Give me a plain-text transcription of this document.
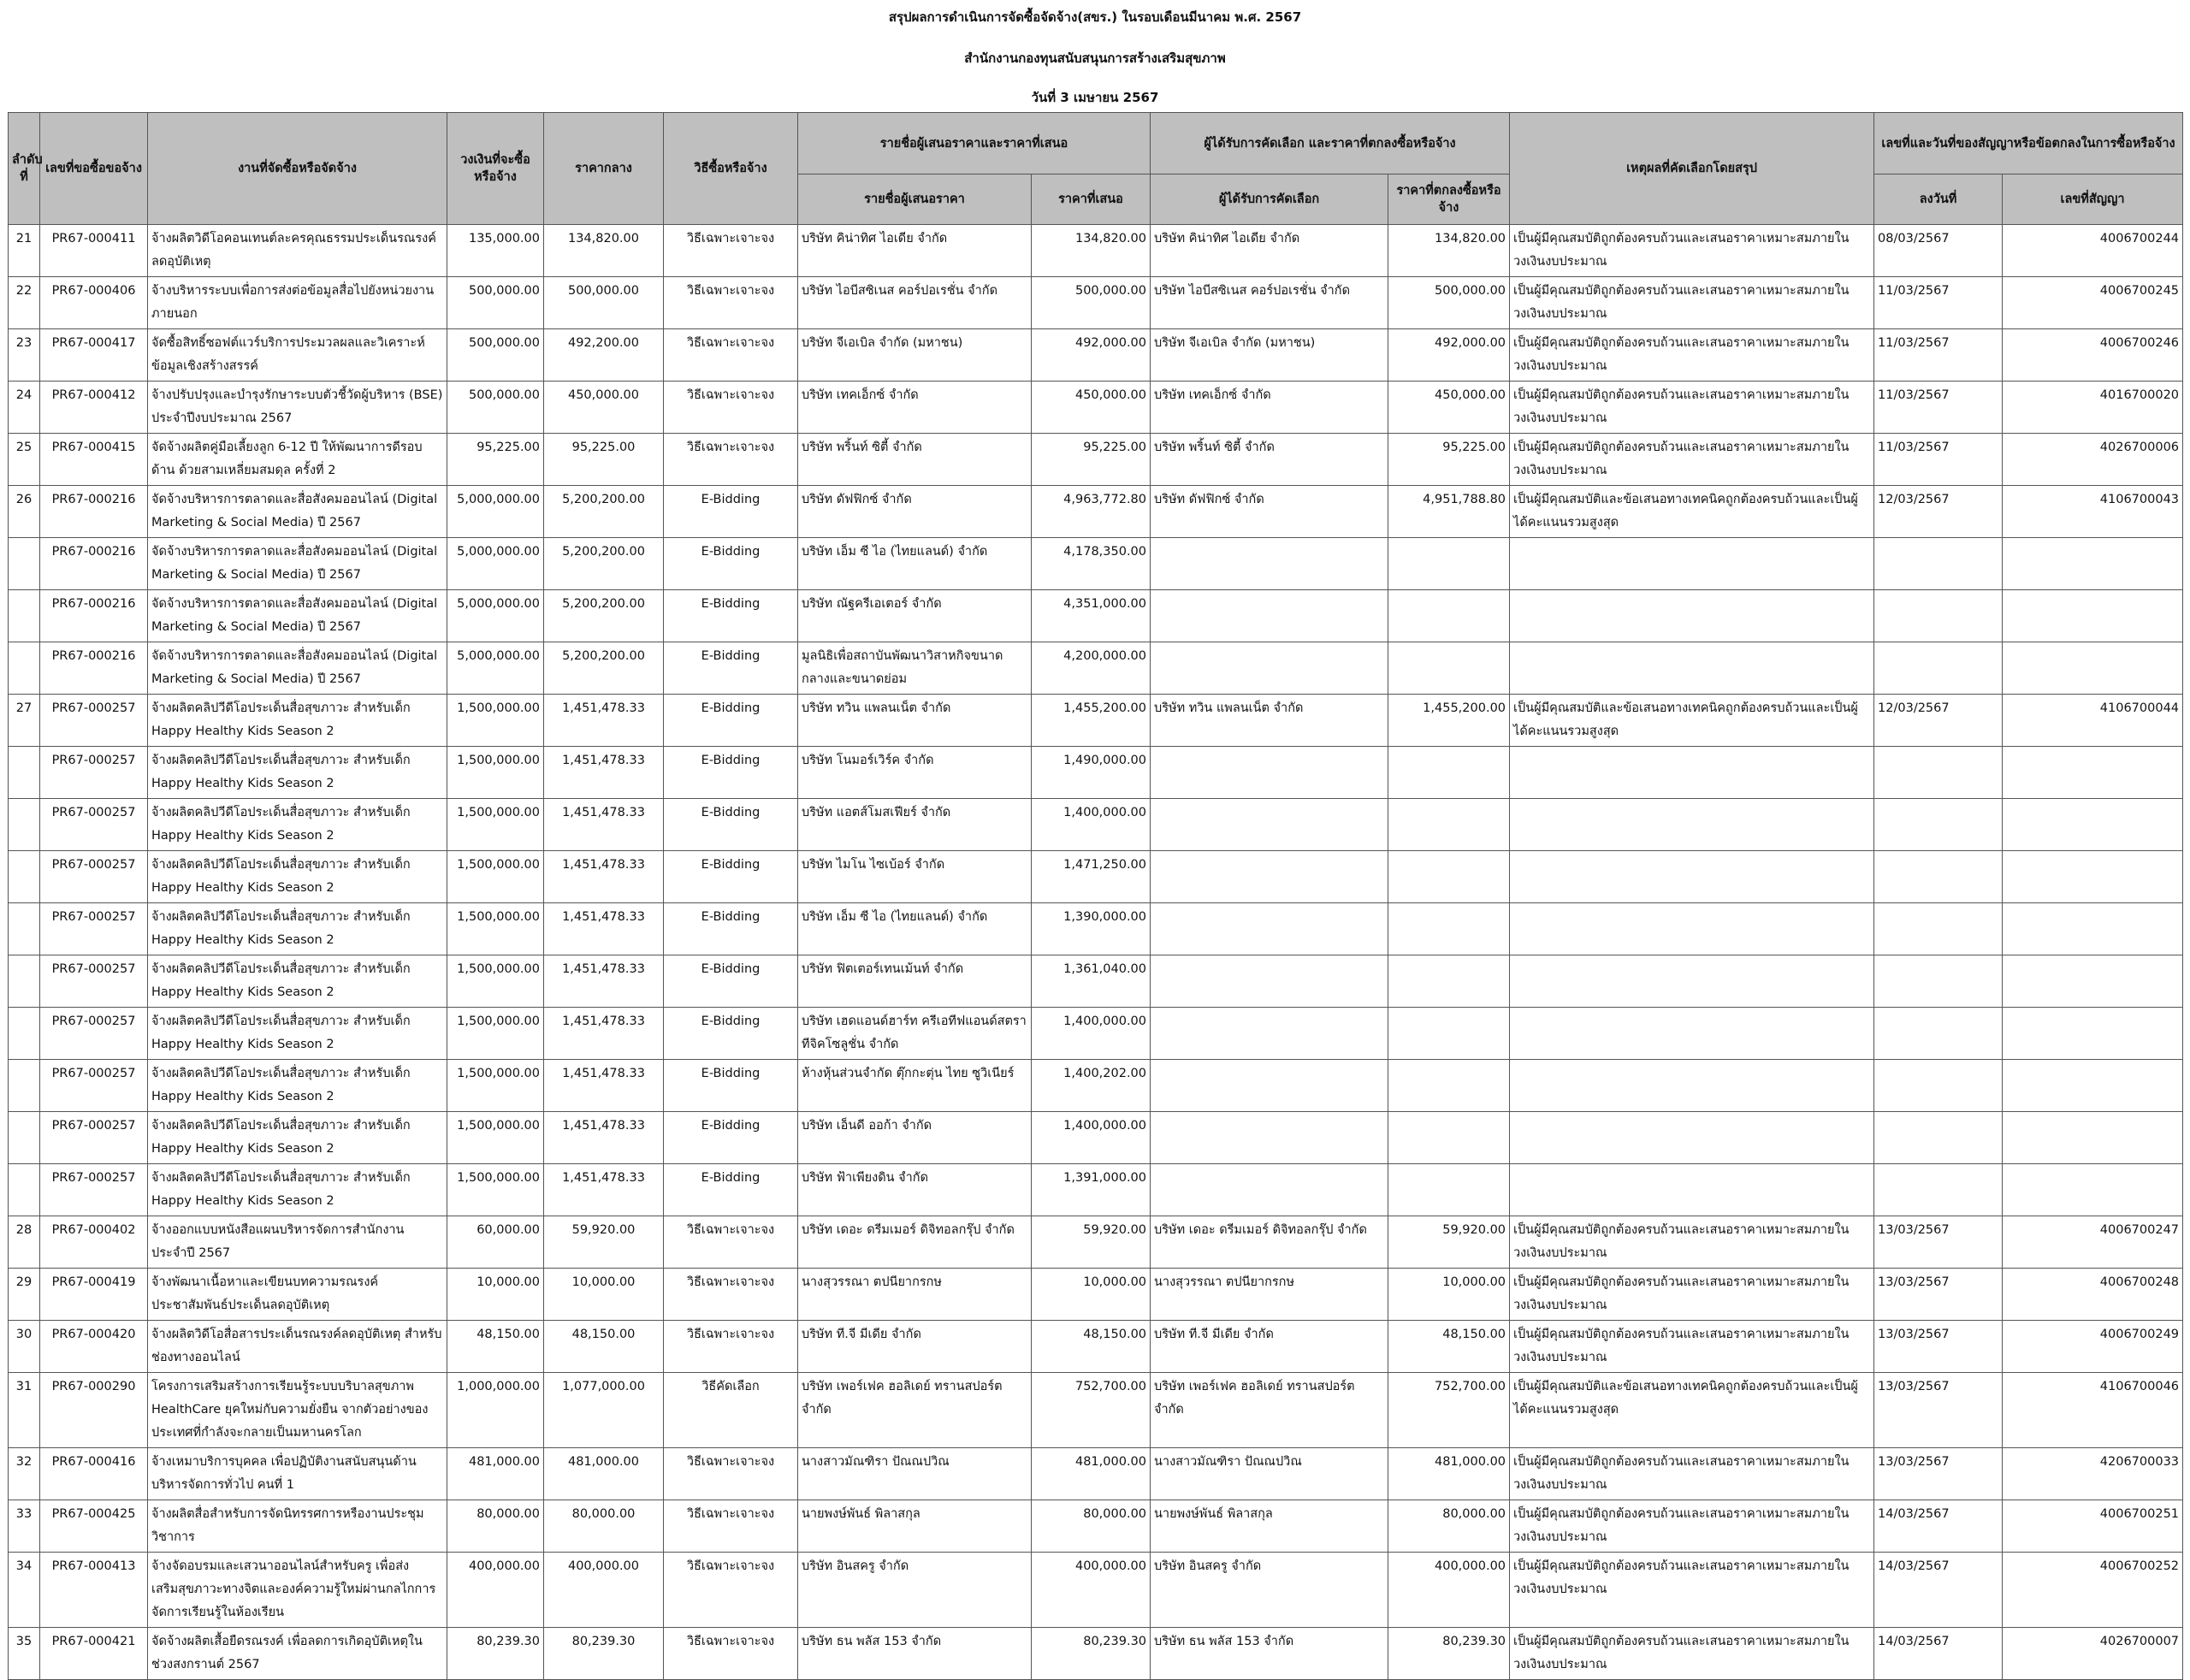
สรุปผลการดำเนินการจัดซื้อจัดจ้าง(สขร.) ในรอบเดือนมีนาคม พ.ศ. 2567
สำนักงานกองทุนสนับสนุนการสร้างเสริมสุขภาพ
วันที่ 3 เมษายน 2567
ลำดับที่	เลขที่ขอซื้อขอจ้าง	งานที่จัดซื้อหรือจัดจ้าง	วงเงินที่จะซื้อหรือจ้าง	ราคากลาง	วิธีซื้อหรือจ้าง	รายชื่อผู้เสนอราคาและราคาที่เสนอ		ผู้ได้รับการคัดเลือก และราคาที่ตกลงซื้อหรือจ้าง		เหตุผลที่คัดเลือกโดยสรุป	เลขที่และวันที่ของสัญญาหรือข้อตกลงในการซื้อหรือจ้าง	
						รายชื่อผู้เสนอราคา	ราคาที่เสนอ	ผู้ได้รับการคัดเลือก	ราคาที่ตกลงซื้อหรือจ้าง		ลงวันที่	เลขที่สัญญา
21	PR67-000411	จ้างผลิตวิดีโอคอนเทนต์ละครคุณธรรมประเด็นรณรงค์ลดอุบัติเหตุ	135,000.00	134,820.00	วิธีเฉพาะเจาะจง	บริษัท คิน่าทิศ ไอเดีย จำกัด	134,820.00	บริษัท คิน่าทิศ ไอเดีย จำกัด	134,820.00	เป็นผู้มีคุณสมบัติถูกต้องครบถ้วนและเสนอราคาเหมาะสมภายในวงเงินงบประมาณ	08/03/2567	4006700244
22	PR67-000406	จ้างบริหารระบบเพื่อการส่งต่อข้อมูลสื่อไปยังหน่วยงานภายนอก	500,000.00	500,000.00	วิธีเฉพาะเจาะจง	บริษัท ไอบีสซิเนส คอร์ปอเรชั่น จำกัด	500,000.00	บริษัท ไอบีสซิเนส คอร์ปอเรชั่น จำกัด	500,000.00	เป็นผู้มีคุณสมบัติถูกต้องครบถ้วนและเสนอราคาเหมาะสมภายในวงเงินงบประมาณ	11/03/2567	4006700245
23	PR67-000417	จัดซื้อสิทธิ์ซอฟต์แวร์บริการประมวลผลและวิเคราะห์ข้อมูลเชิงสร้างสรรค์	500,000.00	492,200.00	วิธีเฉพาะเจาะจง	บริษัท จีเอเบิล จำกัด (มหาชน)	492,000.00	บริษัท จีเอเบิล จำกัด (มหาชน)	492,000.00	เป็นผู้มีคุณสมบัติถูกต้องครบถ้วนและเสนอราคาเหมาะสมภายในวงเงินงบประมาณ	11/03/2567	4006700246
24	PR67-000412	จ้างปรับปรุงและบำรุงรักษาระบบตัวชี้วัดผู้บริหาร (BSE) ประจำปีงบประมาณ 2567	500,000.00	450,000.00	วิธีเฉพาะเจาะจง	บริษัท เทคเอ็กซ์ จำกัด	450,000.00	บริษัท เทคเอ็กซ์ จำกัด	450,000.00	เป็นผู้มีคุณสมบัติถูกต้องครบถ้วนและเสนอราคาเหมาะสมภายในวงเงินงบประมาณ	11/03/2567	4016700020
25	PR67-000415	จัดจ้างผลิตคู่มือเลี้ยงลูก 6-12 ปี ให้พัฒนาการดีรอบด้าน ด้วยสามเหลี่ยมสมดุล ครั้งที่ 2	95,225.00	95,225.00	วิธีเฉพาะเจาะจง	บริษัท พริ้นท์ ซิตี้ จำกัด	95,225.00	บริษัท พริ้นท์ ซิตี้ จำกัด	95,225.00	เป็นผู้มีคุณสมบัติถูกต้องครบถ้วนและเสนอราคาเหมาะสมภายในวงเงินงบประมาณ	11/03/2567	4026700006
26	PR67-000216	จัดจ้างบริหารการตลาดและสื่อสังคมออนไลน์ (Digital Marketing & Social Media) ปี 2567	5,000,000.00	5,200,200.00	E-Bidding	บริษัท ดัฟฟิกซ์ จำกัด	4,963,772.80	บริษัท ดัฟฟิกซ์ จำกัด	4,951,788.80	เป็นผู้มีคุณสมบัติและข้อเสนอทางเทคนิคถูกต้องครบถ้วนและเป็นผู้ได้คะแนนรวมสูงสุด	12/03/2567	4106700043
	PR67-000216	จัดจ้างบริหารการตลาดและสื่อสังคมออนไลน์ (Digital Marketing & Social Media) ปี 2567	5,000,000.00	5,200,200.00	E-Bidding	บริษัท เอ็ม ซี ไอ (ไทยแลนด์) จำกัด	4,178,350.00					
	PR67-000216	จัดจ้างบริหารการตลาดและสื่อสังคมออนไลน์ (Digital Marketing & Social Media) ปี 2567	5,000,000.00	5,200,200.00	E-Bidding	บริษัท ณัฐครีเอเตอร์ จำกัด	4,351,000.00					
	PR67-000216	จัดจ้างบริหารการตลาดและสื่อสังคมออนไลน์ (Digital Marketing & Social Media) ปี 2567	5,000,000.00	5,200,200.00	E-Bidding	มูลนิธิเพื่อสถาบันพัฒนาวิสาหกิจขนาดกลางและขนาดย่อม	4,200,000.00					
27	PR67-000257	จ้างผลิตคลิปวีดีโอประเด็นสื่อสุขภาวะ สำหรับเด็ก Happy Healthy Kids Season 2	1,500,000.00	1,451,478.33	E-Bidding	บริษัท ทวิน แพลนเน็ต จำกัด	1,455,200.00	บริษัท ทวิน แพลนเน็ต จำกัด	1,455,200.00	เป็นผู้มีคุณสมบัติและข้อเสนอทางเทคนิคถูกต้องครบถ้วนและเป็นผู้ได้คะแนนรวมสูงสุด	12/03/2567	4106700044
	PR67-000257	จ้างผลิตคลิปวีดีโอประเด็นสื่อสุขภาวะ สำหรับเด็ก Happy Healthy Kids Season 2	1,500,000.00	1,451,478.33	E-Bidding	บริษัท โนมอร์เวิร์ค จำกัด	1,490,000.00					
	PR67-000257	จ้างผลิตคลิปวีดีโอประเด็นสื่อสุขภาวะ สำหรับเด็ก Happy Healthy Kids Season 2	1,500,000.00	1,451,478.33	E-Bidding	บริษัท แอตส์โมสเฟียร์ จำกัด	1,400,000.00					
	PR67-000257	จ้างผลิตคลิปวีดีโอประเด็นสื่อสุขภาวะ สำหรับเด็ก Happy Healthy Kids Season 2	1,500,000.00	1,451,478.33	E-Bidding	บริษัท ไมโน ไซเบ้อร์ จำกัด	1,471,250.00					
	PR67-000257	จ้างผลิตคลิปวีดีโอประเด็นสื่อสุขภาวะ สำหรับเด็ก Happy Healthy Kids Season 2	1,500,000.00	1,451,478.33	E-Bidding	บริษัท เอ็ม ซี ไอ (ไทยแลนด์) จำกัด	1,390,000.00					
	PR67-000257	จ้างผลิตคลิปวีดีโอประเด็นสื่อสุขภาวะ สำหรับเด็ก Happy Healthy Kids Season 2	1,500,000.00	1,451,478.33	E-Bidding	บริษัท ฟิตเตอร์เทนเม้นท์ จำกัด	1,361,040.00					
	PR67-000257	จ้างผลิตคลิปวีดีโอประเด็นสื่อสุขภาวะ สำหรับเด็ก Happy Healthy Kids Season 2	1,500,000.00	1,451,478.33	E-Bidding	บริษัท เฮดแอนด์ฮาร์ท ครีเอทีฟแอนด์สตราทีจิคโซลูชั่น จำกัด	1,400,000.00					
	PR67-000257	จ้างผลิตคลิปวีดีโอประเด็นสื่อสุขภาวะ สำหรับเด็ก Happy Healthy Kids Season 2	1,500,000.00	1,451,478.33	E-Bidding	ห้างหุ้นส่วนจำกัด ตุ๊กกะตุ่น ไทย ซูวิเนียร์	1,400,202.00					
	PR67-000257	จ้างผลิตคลิปวีดีโอประเด็นสื่อสุขภาวะ สำหรับเด็ก Happy Healthy Kids Season 2	1,500,000.00	1,451,478.33	E-Bidding	บริษัท เอ็นดี ออก้า จำกัด	1,400,000.00					
	PR67-000257	จ้างผลิตคลิปวีดีโอประเด็นสื่อสุขภาวะ สำหรับเด็ก Happy Healthy Kids Season 2	1,500,000.00	1,451,478.33	E-Bidding	บริษัท ฟ้าเพียงดิน จำกัด	1,391,000.00					
28	PR67-000402	จ้างออกแบบหนังสือแผนบริหารจัดการสำนักงาน ประจำปี 2567	60,000.00	59,920.00	วิธีเฉพาะเจาะจง	บริษัท เดอะ ดรีมเมอร์ ดิจิทอลกรุ๊ป จำกัด	59,920.00	บริษัท เดอะ ดรีมเมอร์ ดิจิทอลกรุ๊ป จำกัด	59,920.00	เป็นผู้มีคุณสมบัติถูกต้องครบถ้วนและเสนอราคาเหมาะสมภายในวงเงินงบประมาณ	13/03/2567	4006700247
29	PR67-000419	จ้างพัฒนาเนื้อหาและเขียนบทความรณรงค์ประชาสัมพันธ์ประเด็นลดอุบัติเหตุ	10,000.00	10,000.00	วิธีเฉพาะเจาะจง	นางสุวรรณา ตปนียากรกษ	10,000.00	นางสุวรรณา ตปนียากรกษ	10,000.00	เป็นผู้มีคุณสมบัติถูกต้องครบถ้วนและเสนอราคาเหมาะสมภายในวงเงินงบประมาณ	13/03/2567	4006700248
30	PR67-000420	จ้างผลิตวิดีโอสื่อสารประเด็นรณรงค์ลดอุบัติเหตุ สำหรับช่องทางออนไลน์	48,150.00	48,150.00	วิธีเฉพาะเจาะจง	บริษัท ที.จี มีเดีย จำกัด	48,150.00	บริษัท ที.จี มีเดีย จำกัด	48,150.00	เป็นผู้มีคุณสมบัติถูกต้องครบถ้วนและเสนอราคาเหมาะสมภายในวงเงินงบประมาณ	13/03/2567	4006700249
31	PR67-000290	โครงการเสริมสร้างการเรียนรู้ระบบบริบาลสุขภาพ HealthCare ยุคใหม่กับความยั่งยืน จากตัวอย่างของประเทศที่กำลังจะกลายเป็นมหานครโลก	1,000,000.00	1,077,000.00	วิธีคัดเลือก	บริษัท เพอร์เฟค ฮอลิเดย์ ทรานสปอร์ต จำกัด	752,700.00	บริษัท เพอร์เฟค ฮอลิเดย์ ทรานสปอร์ต จำกัด	752,700.00	เป็นผู้มีคุณสมบัติและข้อเสนอทางเทคนิคถูกต้องครบถ้วนและเป็นผู้ได้คะแนนรวมสูงสุด	13/03/2567	4106700046
32	PR67-000416	จ้างเหมาบริการบุคคล เพื่อปฏิบัติงานสนับสนุนด้านบริหารจัดการทั่วไป คนที่ 1	481,000.00	481,000.00	วิธีเฉพาะเจาะจง	นางสาวมัณฑิรา ปัณณปวิณ	481,000.00	นางสาวมัณฑิรา ปัณณปวิณ	481,000.00	เป็นผู้มีคุณสมบัติถูกต้องครบถ้วนและเสนอราคาเหมาะสมภายในวงเงินงบประมาณ	13/03/2567	4206700033
33	PR67-000425	จ้างผลิตสื่อสำหรับการจัดนิทรรศการหรืองานประชุมวิชาการ	80,000.00	80,000.00	วิธีเฉพาะเจาะจง	นายพงษ์พันธ์ พิลาสกุล	80,000.00	นายพงษ์พันธ์ พิลาสกุล	80,000.00	เป็นผู้มีคุณสมบัติถูกต้องครบถ้วนและเสนอราคาเหมาะสมภายในวงเงินงบประมาณ	14/03/2567	4006700251
34	PR67-000413	จ้างจัดอบรมและเสวนาออนไลน์สำหรับครู เพื่อส่งเสริมสุขภาวะทางจิตและองค์ความรู้ใหม่ผ่านกลไกการจัดการเรียนรู้ในห้องเรียน	400,000.00	400,000.00	วิธีเฉพาะเจาะจง	บริษัท อินสครู จำกัด	400,000.00	บริษัท อินสครู จำกัด	400,000.00	เป็นผู้มีคุณสมบัติถูกต้องครบถ้วนและเสนอราคาเหมาะสมภายในวงเงินงบประมาณ	14/03/2567	4006700252
35	PR67-000421	จัดจ้างผลิตเสื้อยืดรณรงค์ เพื่อลดการเกิดอุบัติเหตุในช่วงสงกรานต์ 2567	80,239.30	80,239.30	วิธีเฉพาะเจาะจง	บริษัท ธน พลัส 153 จำกัด	80,239.30	บริษัท ธน พลัส 153 จำกัด	80,239.30	เป็นผู้มีคุณสมบัติถูกต้องครบถ้วนและเสนอราคาเหมาะสมภายในวงเงินงบประมาณ	14/03/2567	4026700007
